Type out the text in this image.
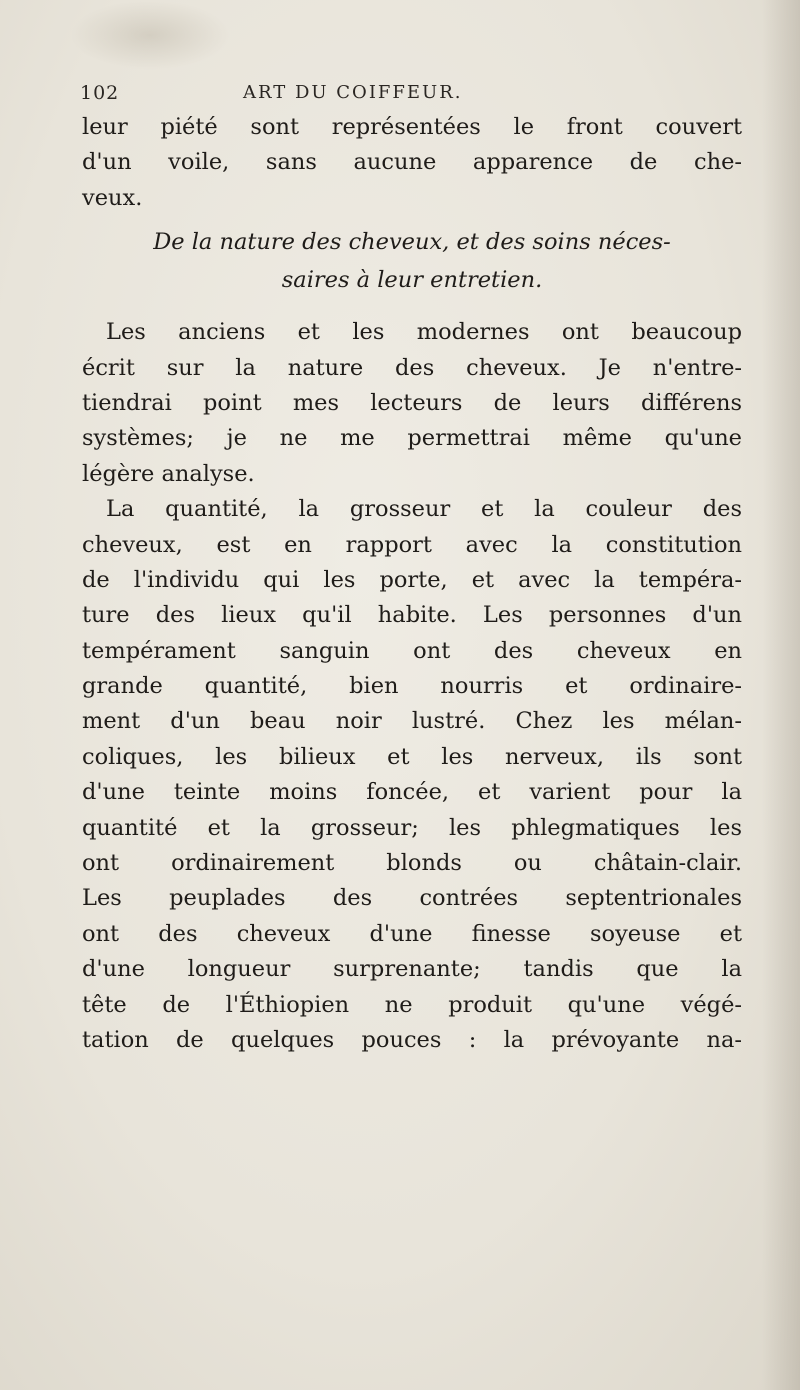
102	ART DU COIFFEUR.
leur piété sont représentées le front couvert
d'un voile, sans aucune apparence de che-
veux.
De la nature des cheveux, et des soins néces-
saires à leur entretien.
Les anciens et les modernes ont beaucoup
écrit sur la nature des cheveux. Je n'entre-
tiendrai point mes lecteurs de leurs différens
systèmes; je ne me permettrai même qu'une
légère analyse.
La quantité, la grosseur et la couleur des
cheveux, est en rapport avec la constitution
de l'individu qui les porte, et avec la tempéra-
ture des lieux qu'il habite. Les personnes d'un
tempérament sanguin ont des cheveux en
grande quantité, bien nourris et ordinaire-
ment d'un beau noir lustré. Chez les mélan-
coliques, les bilieux et les nerveux, ils sont
d'une teinte moins foncée, et varient pour la
quantité et la grosseur; les phlegmatiques les
ont ordinairement blonds ou châtain-clair.
Les peuplades des contrées septentrionales
ont des cheveux d'une finesse soyeuse et
d'une longueur surprenante; tandis que la
tête de l'Éthiopien ne produit qu'une végé-
tation de quelques pouces : la prévoyante na-
